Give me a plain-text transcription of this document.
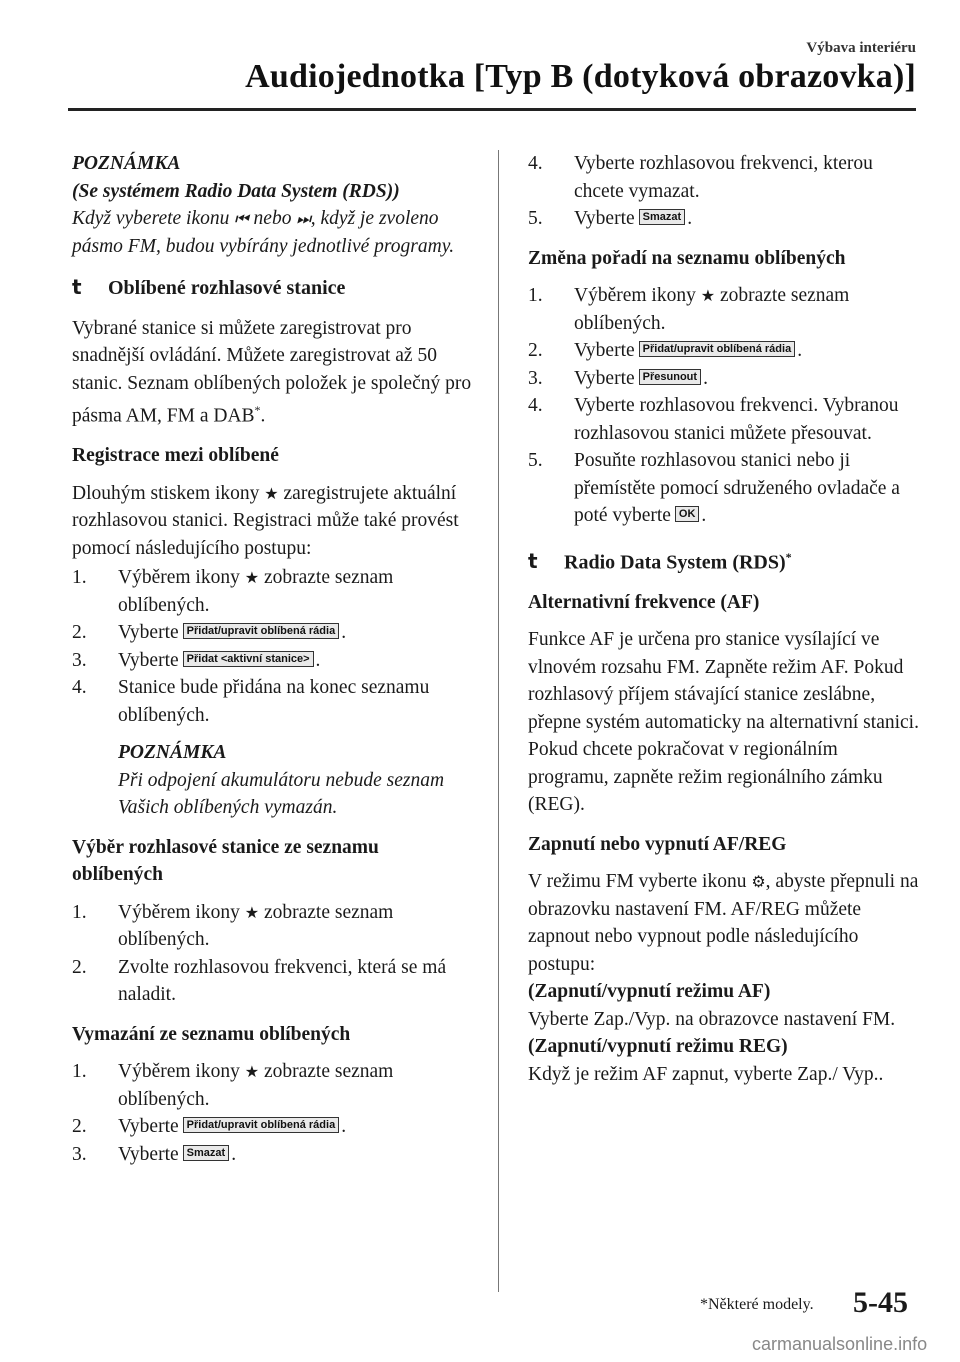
Výbava interiéru
Audiojednotka [Typ B (dotyková obrazovka)]
POZNÁMKA
(Se systémem Radio Data System (RDS))
Když vyberete ikonu ⏮ nebo ⏭, když je zvoleno pásmo FM, budou vybírány jednotlivé programy.
t Oblíbené rozhlasové stanice
Vybrané stanice si můžete zaregistrovat pro snadnější ovládání. Můžete zaregistrovat až 50 stanic. Seznam oblíbených položek je společný pro pásma AM, FM a DAB*.
Registrace mezi oblíbené
Dlouhým stiskem ikony ★ zaregistrujete aktuální rozhlasovou stanici. Registraci může také provést pomocí následujícího postupu:
1. Výběrem ikony ★ zobrazte seznam oblíbených.
2. Vyberte Přidat/upravit oblíbená rádia .
3. Vyberte Přidat <aktivní stanice> .
4. Stanice bude přidána na konec seznamu oblíbených.
POZNÁMKA
Při odpojení akumulátoru nebude seznam Vašich oblíbených vymazán.
Výběr rozhlasové stanice ze seznamu oblíbených
1. Výběrem ikony ★ zobrazte seznam oblíbených.
2. Zvolte rozhlasovou frekvenci, která se má naladit.
Vymazání ze seznamu oblíbených
1. Výběrem ikony ★ zobrazte seznam oblíbených.
2. Vyberte Přidat/upravit oblíbená rádia .
3. Vyberte Smazat .
4. Vyberte rozhlasovou frekvenci, kterou chcete vymazat.
5. Vyberte Smazat .
Změna pořadí na seznamu oblíbených
1. Výběrem ikony ★ zobrazte seznam oblíbených.
2. Vyberte Přidat/upravit oblíbená rádia .
3. Vyberte Přesunout .
4. Vyberte rozhlasovou frekvenci. Vybranou rozhlasovou stanici můžete přesouvat.
5. Posuňte rozhlasovou stanici nebo ji přemístěte pomocí sdruženého ovladače a poté vyberte OK .
t Radio Data System (RDS)*
Alternativní frekvence (AF)
Funkce AF je určena pro stanice vysílající ve vlnovém rozsahu FM. Zapněte režim AF. Pokud rozhlasový příjem stávající stanice zeslábne, přepne systém automaticky na alternativní stanici.
Pokud chcete pokračovat v regionálním programu, zapněte režim regionálního zámku (REG).
Zapnutí nebo vypnutí AF/REG
V režimu FM vyberte ikonu ⚙, abyste přepnuli na obrazovku nastavení FM. AF/REG můžete zapnout nebo vypnout podle následujícího postupu:
(Zapnutí/vypnutí režimu AF)
Vyberte Zap./Vyp. na obrazovce nastavení FM.
(Zapnutí/vypnutí režimu REG)
Když je režim AF zapnut, vyberte Zap./ Vyp..
*Některé modely. 5-45
carmanualsonline.info
